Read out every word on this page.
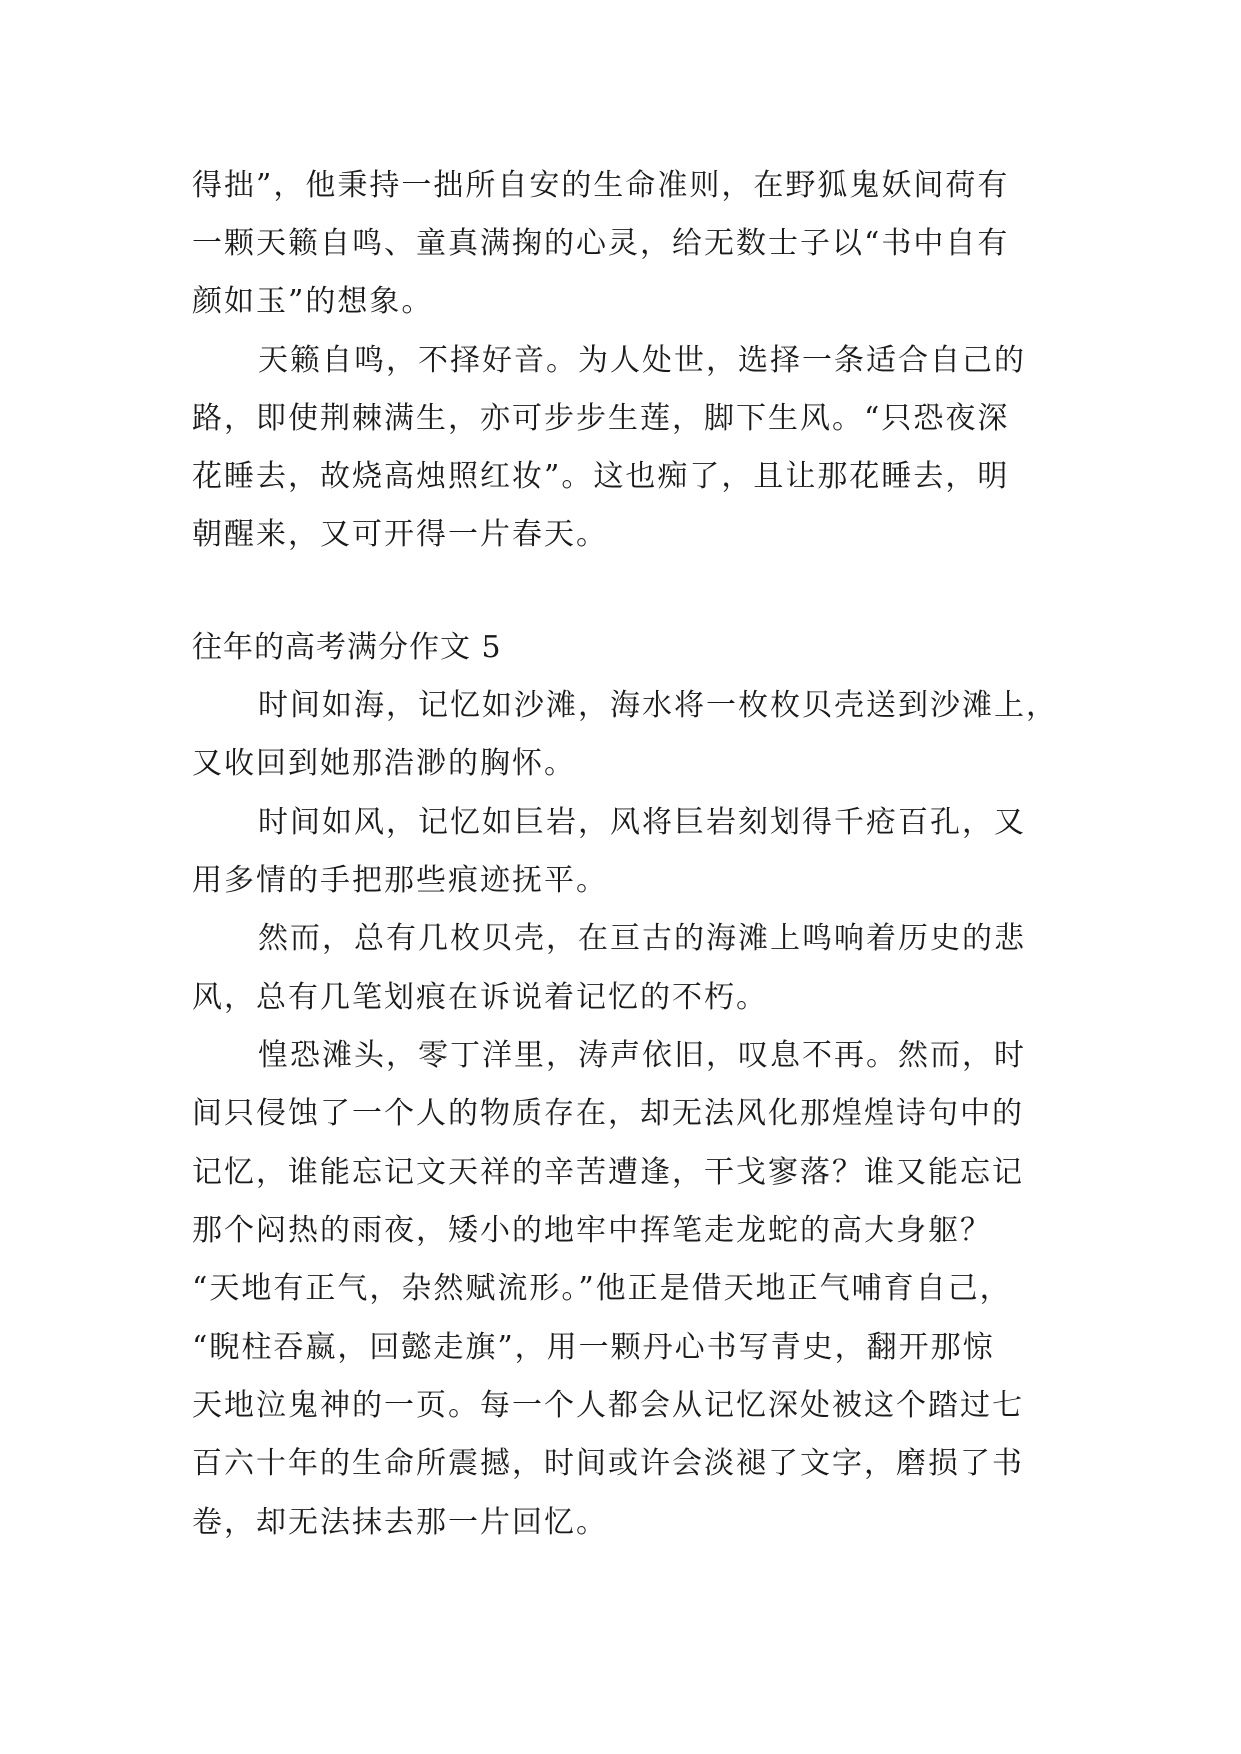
得拙”，他秉持一拙所自安的生命准则，在野狐鬼妖间荷有
一颗天籁自鸣、童真满掬的心灵，给无数士子以“书中自有
颜如玉”的想象。
天籁自鸣，不择好音。为人处世，选择一条适合自己的
路，即使荆棘满生，亦可步步生莲，脚下生风。“只恐夜深
花睡去，故烧高烛照红妆”。这也痴了，且让那花睡去，明
朝醒来，又可开得一片春天。
往年的高考满分作文 5
时间如海，记忆如沙滩，海水将一枚枚贝壳送到沙滩上，
又收回到她那浩渺的胸怀。
时间如风，记忆如巨岩，风将巨岩刻划得千疮百孔，又
用多情的手把那些痕迹抚平。
然而，总有几枚贝壳，在亘古的海滩上鸣响着历史的悲
风，总有几笔划痕在诉说着记忆的不朽。
惶恐滩头，零丁洋里，涛声依旧，叹息不再。然而，时
间只侵蚀了一个人的物质存在，却无法风化那煌煌诗句中的
记忆，谁能忘记文天祥的辛苦遭逢，干戈寥落？谁又能忘记
那个闷热的雨夜，矮小的地牢中挥笔走龙蛇的高大身躯？
“天地有正气，杂然赋流形。”他正是借天地正气哺育自己，
“睨柱吞嬴，回懿走旗”，用一颗丹心书写青史，翻开那惊
天地泣鬼神的一页。每一个人都会从记忆深处被这个踏过七
百六十年的生命所震撼，时间或许会淡褪了文字，磨损了书
卷，却无法抹去那一片回忆。
